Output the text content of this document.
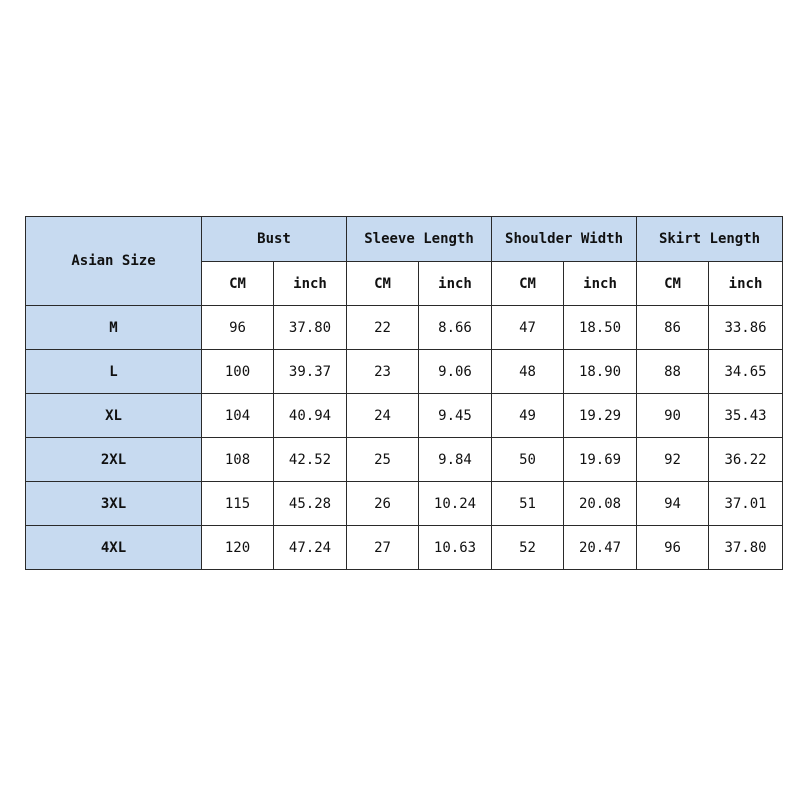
Asian Size	Bust		Sleeve Length		Shoulder Width		Skirt Length	
	CM	inch	CM	inch	CM	inch	CM	inch
M	96	37.80	22	8.66	47	18.50	86	33.86
L	100	39.37	23	9.06	48	18.90	88	34.65
XL	104	40.94	24	9.45	49	19.29	90	35.43
2XL	108	42.52	25	9.84	50	19.69	92	36.22
3XL	115	45.28	26	10.24	51	20.08	94	37.01
4XL	120	47.24	27	10.63	52	20.47	96	37.80
